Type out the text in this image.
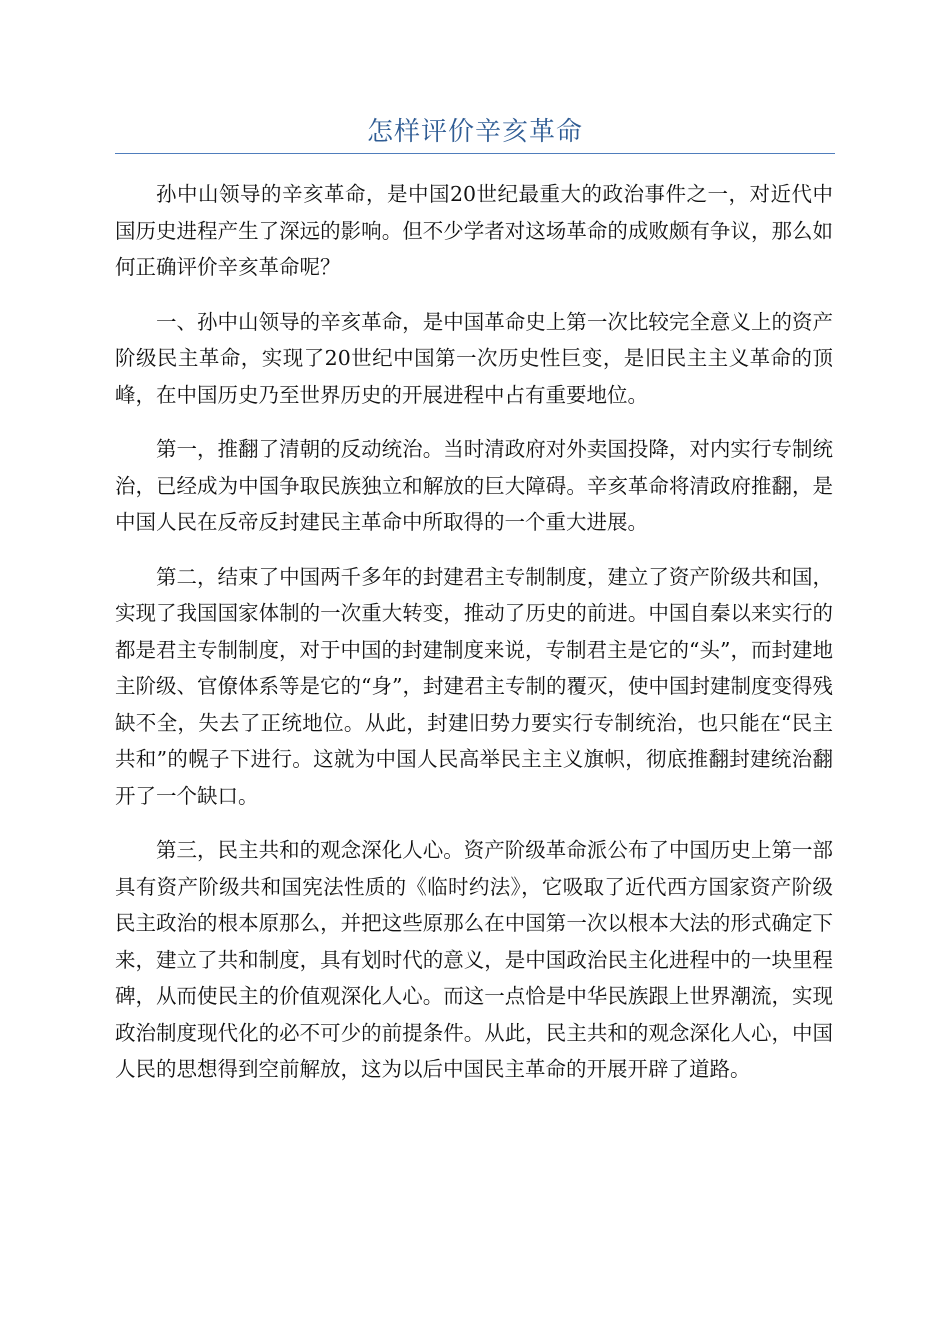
怎样评价辛亥革命

孙中山领导的辛亥革命，是中国20世纪最重大的政治事件之一，对近代中国历史进程产生了深远的影响。但不少学者对这场革命的成败颇有争议，那么如何正确评价辛亥革命呢？

一、孙中山领导的辛亥革命，是中国革命史上第一次比较完全意义上的资产阶级民主革命，实现了20世纪中国第一次历史性巨变，是旧民主主义革命的顶峰，在中国历史乃至世界历史的开展进程中占有重要地位。

第一，推翻了清朝的反动统治。当时清政府对外卖国投降，对内实行专制统治，已经成为中国争取民族独立和解放的巨大障碍。辛亥革命将清政府推翻，是中国人民在反帝反封建民主革命中所取得的一个重大进展。

第二，结束了中国两千多年的封建君主专制制度，建立了资产阶级共和国，实现了我国国家体制的一次重大转变，推动了历史的前进。中国自秦以来实行的都是君主专制制度，对于中国的封建制度来说，专制君主是它的“头”，而封建地主阶级、官僚体系等是它的“身”，封建君主专制的覆灭，使中国封建制度变得残缺不全，失去了正统地位。从此，封建旧势力要实行专制统治，也只能在“民主共和”的幌子下进行。这就为中国人民高举民主主义旗帜，彻底推翻封建统治翻开了一个缺口。

第三，民主共和的观念深化人心。资产阶级革命派公布了中国历史上第一部具有资产阶级共和国宪法性质的《临时约法》，它吸取了近代西方国家资产阶级民主政治的根本原那么，并把这些原那么在中国第一次以根本大法的形式确定下来，建立了共和制度，具有划时代的意义，是中国政治民主化进程中的一块里程碑，从而使民主的价值观深化人心。而这一点恰是中华民族跟上世界潮流，实现政治制度现代化的必不可少的前提条件。从此，民主共和的观念深化人心，中国人民的思想得到空前解放，这为以后中国民主革命的开展开辟了道路。
